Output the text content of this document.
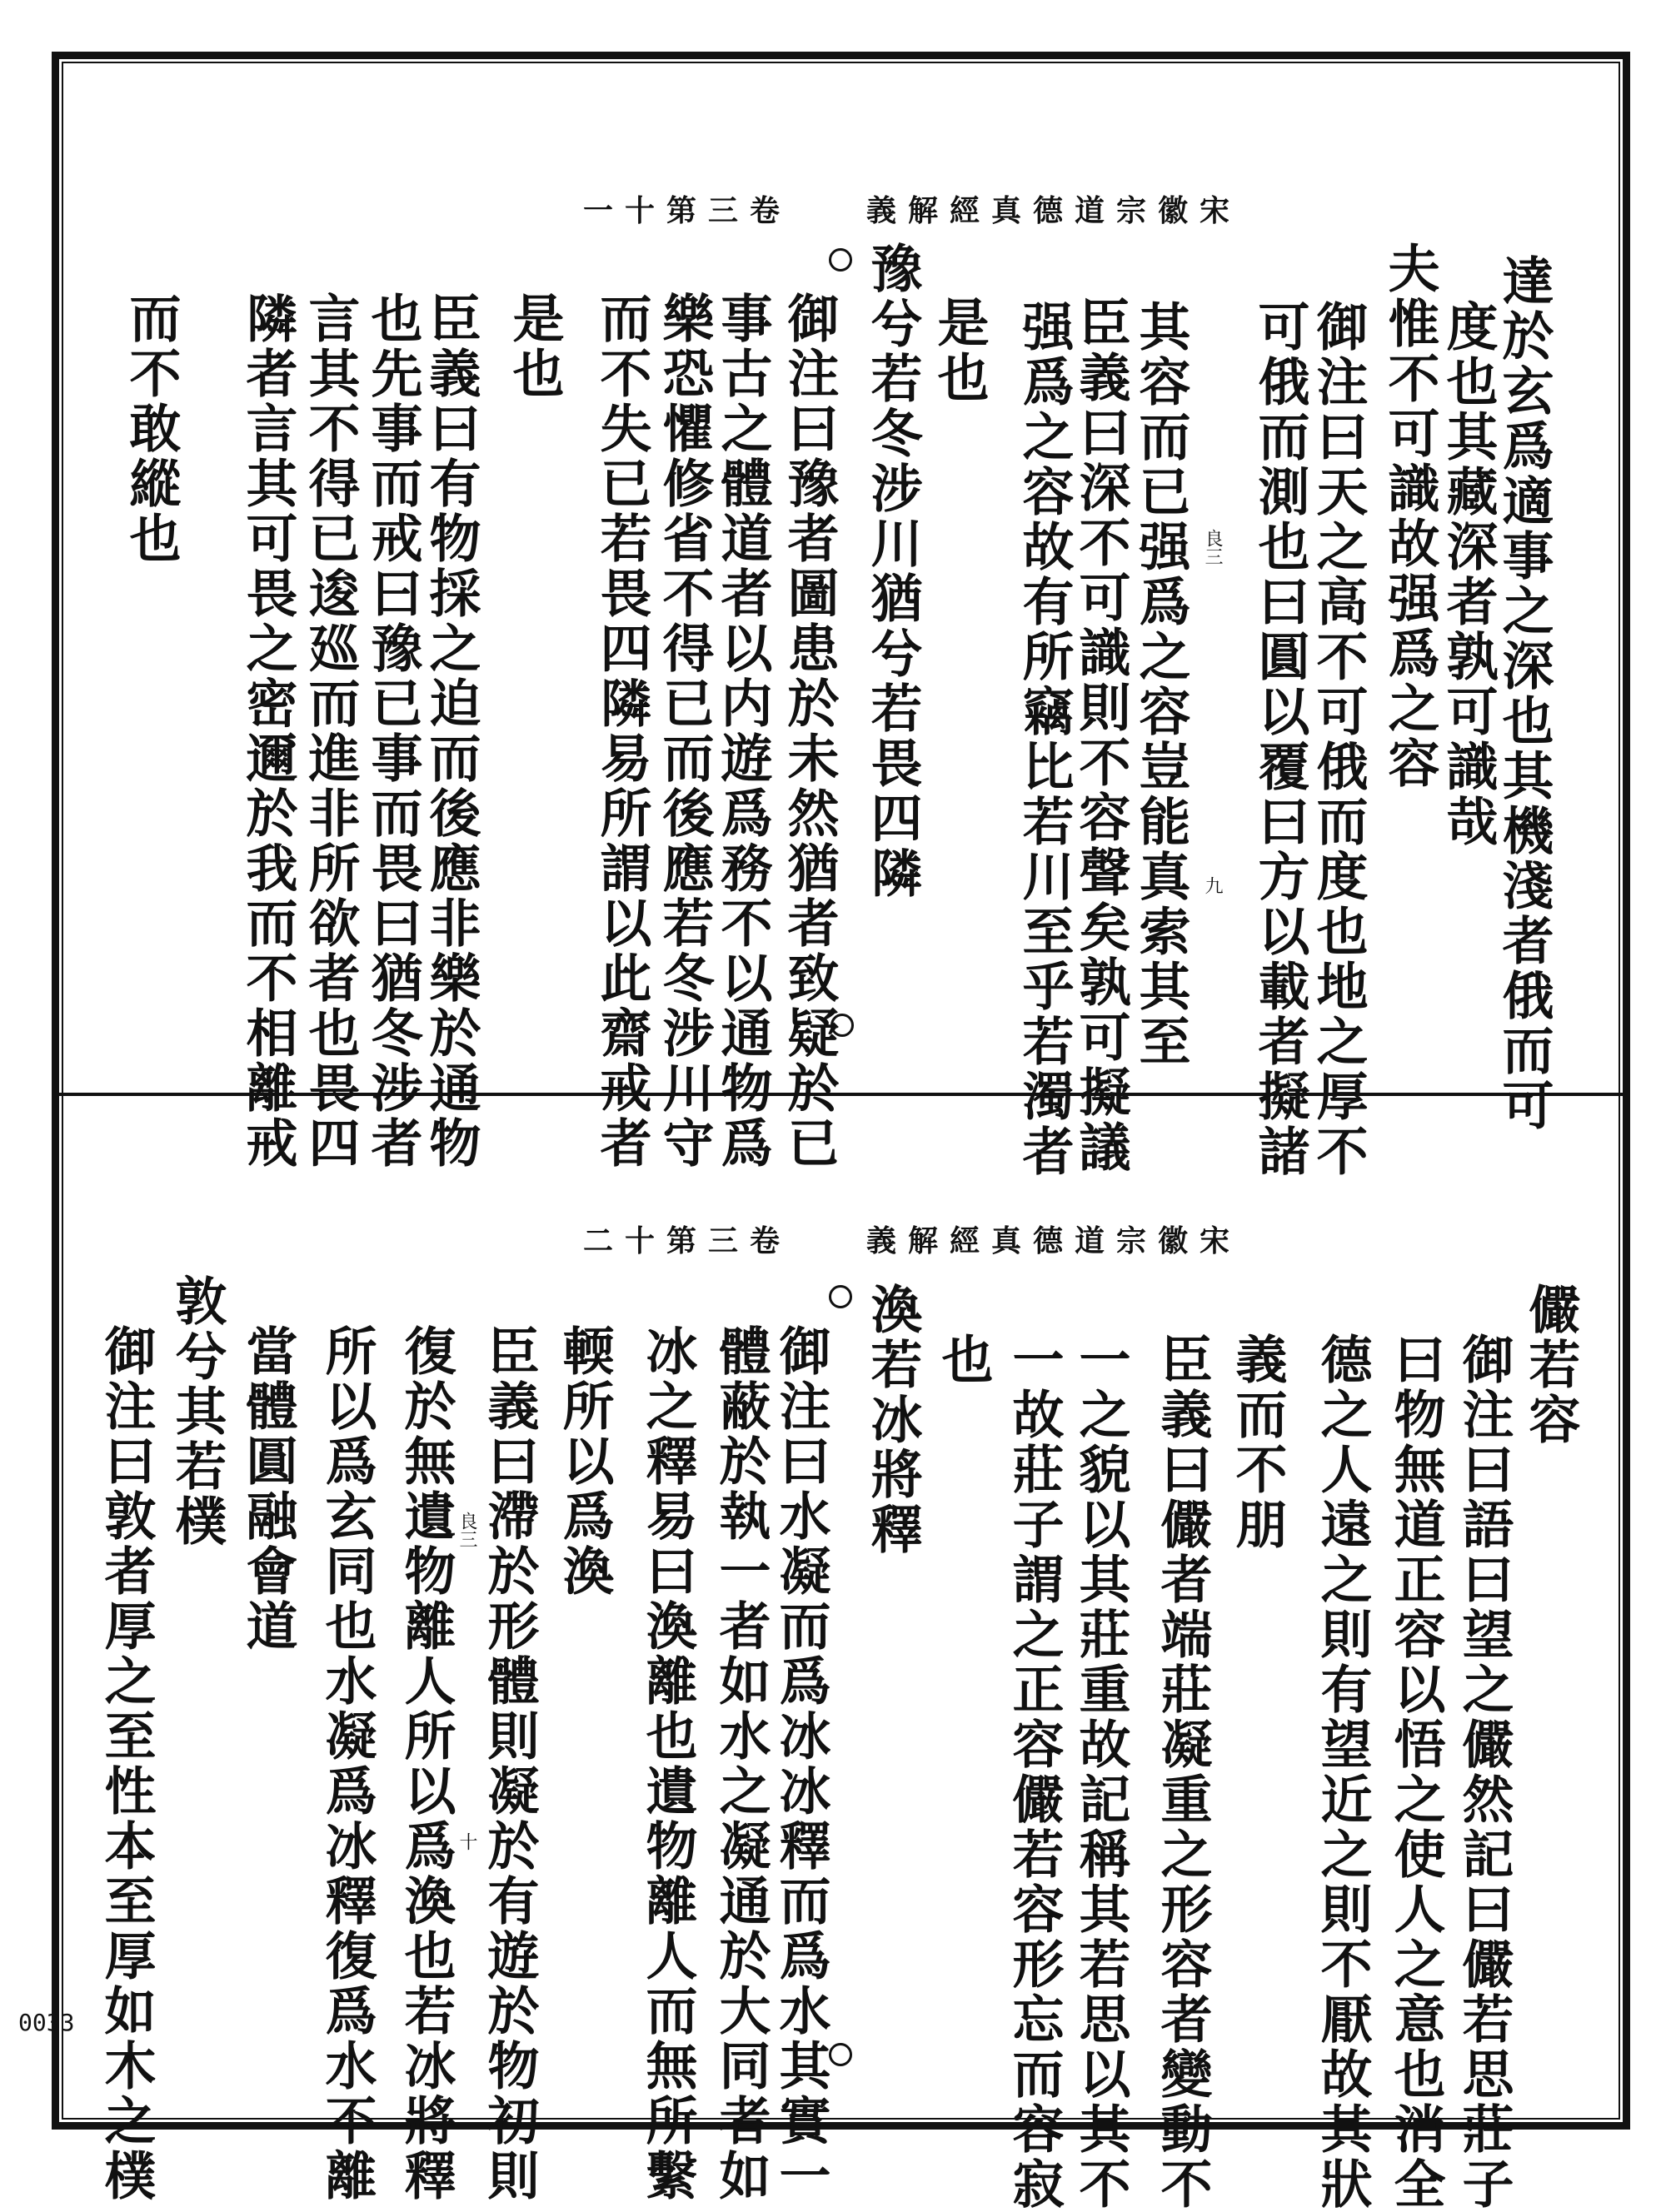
0033
一十第三卷 義解經真德道宗徽宋
達於玄爲適事之深也其機淺者俄而可
度也其藏深者孰可識哉
夫惟不可識故强爲之容
御注曰天之高不可俄而度也地之厚不
可俄而測也曰圓以覆曰方以載者擬諸
其容而已强爲之容豈能真索其至
臣義曰深不可識則不容聲矣孰可擬議
强爲之容故有所竊比若川至乎若濁者
是也
豫兮若冬涉川猶兮若畏四隣
御注曰豫者圖患於未然猶者致疑於已
事古之體道者以内遊爲務不以通物爲
樂恐懼修省不得已而後應若冬涉川守
而不失已若畏四隣易所謂以此齋戒者
是也
臣義曰有物採之迫而後應非樂於通物
也先事而戒曰豫已事而畏曰猶冬涉者
言其不得已逡廵而進非所欲者也畏四
隣者言其可畏之密邇於我而不相離戒
而不敢縱也	良三
九
二十第三卷 義解經真德道宗徽宋
儼若容
御注曰語曰望之儼然記曰儼若思莊子
曰物無道正容以悟之使人之意也消全
德之人遠之則有望近之則不厭故其狀
義而不朋
臣義曰儼者端莊凝重之形容者變動不
一之貌以其莊重故記稱其若思以其不
一故莊子謂之正容儼若容形忘而容寂
也
渙若冰將釋
御注曰水凝而爲冰冰釋而爲水其實一
體蔽於執一者如水之凝通於大同者如
冰之釋易曰渙離也遺物離人而無所繫
輭所以爲渙
臣義曰滯於形體則凝於有遊於物初則
復於無遺物離人所以爲渙也若冰將釋
所以爲玄同也水凝爲冰釋復爲水不離
當體圓融會道
敦兮其若樸
御注曰敦者厚之至性本至厚如木之樸	良三
十
